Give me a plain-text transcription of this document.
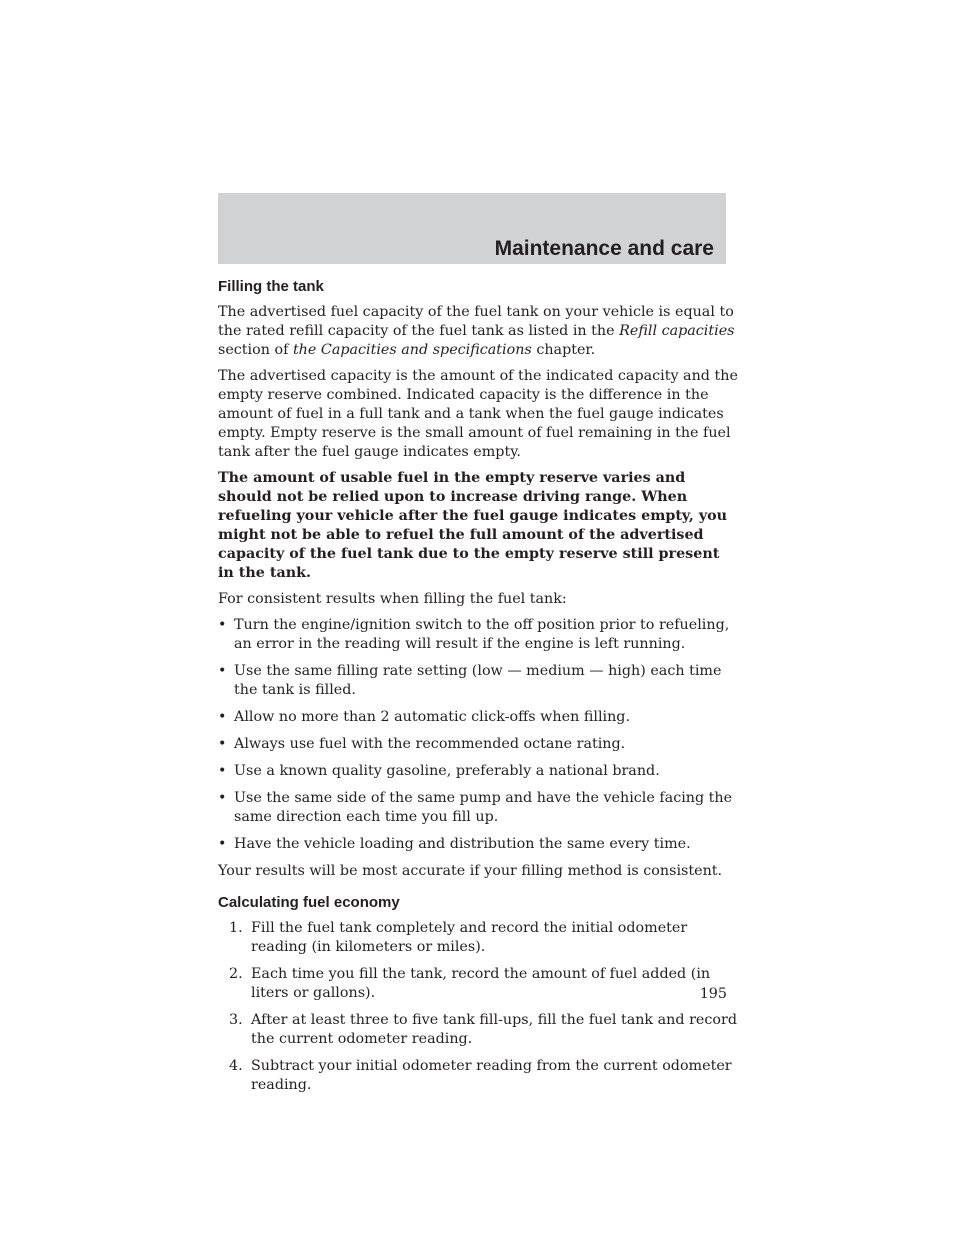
Maintenance and care
Filling the tank

The advertised fuel capacity of the fuel tank on your vehicle is equal to the rated refill capacity of the fuel tank as listed in the Refill capacities section of the Capacities and specifications chapter.

The advertised capacity is the amount of the indicated capacity and the empty reserve combined. Indicated capacity is the difference in the amount of fuel in a full tank and a tank when the fuel gauge indicates empty. Empty reserve is the small amount of fuel remaining in the fuel tank after the fuel gauge indicates empty.

The amount of usable fuel in the empty reserve varies and should not be relied upon to increase driving range. When refueling your vehicle after the fuel gauge indicates empty, you might not be able to refuel the full amount of the advertised capacity of the fuel tank due to the empty reserve still present in the tank.

For consistent results when filling the fuel tank:

• Turn the engine/ignition switch to the off position prior to refueling, an error in the reading will result if the engine is left running.
• Use the same filling rate setting (low — medium — high) each time the tank is filled.
• Allow no more than 2 automatic click-offs when filling.
• Always use fuel with the recommended octane rating.
• Use a known quality gasoline, preferably a national brand.
• Use the same side of the same pump and have the vehicle facing the same direction each time you fill up.
• Have the vehicle loading and distribution the same every time.

Your results will be most accurate if your filling method is consistent.

Calculating fuel economy
1. Fill the fuel tank completely and record the initial odometer reading (in kilometers or miles).
2. Each time you fill the tank, record the amount of fuel added (in liters or gallons).
3. After at least three to five tank fill-ups, fill the fuel tank and record the current odometer reading.
4. Subtract your initial odometer reading from the current odometer reading.
195
